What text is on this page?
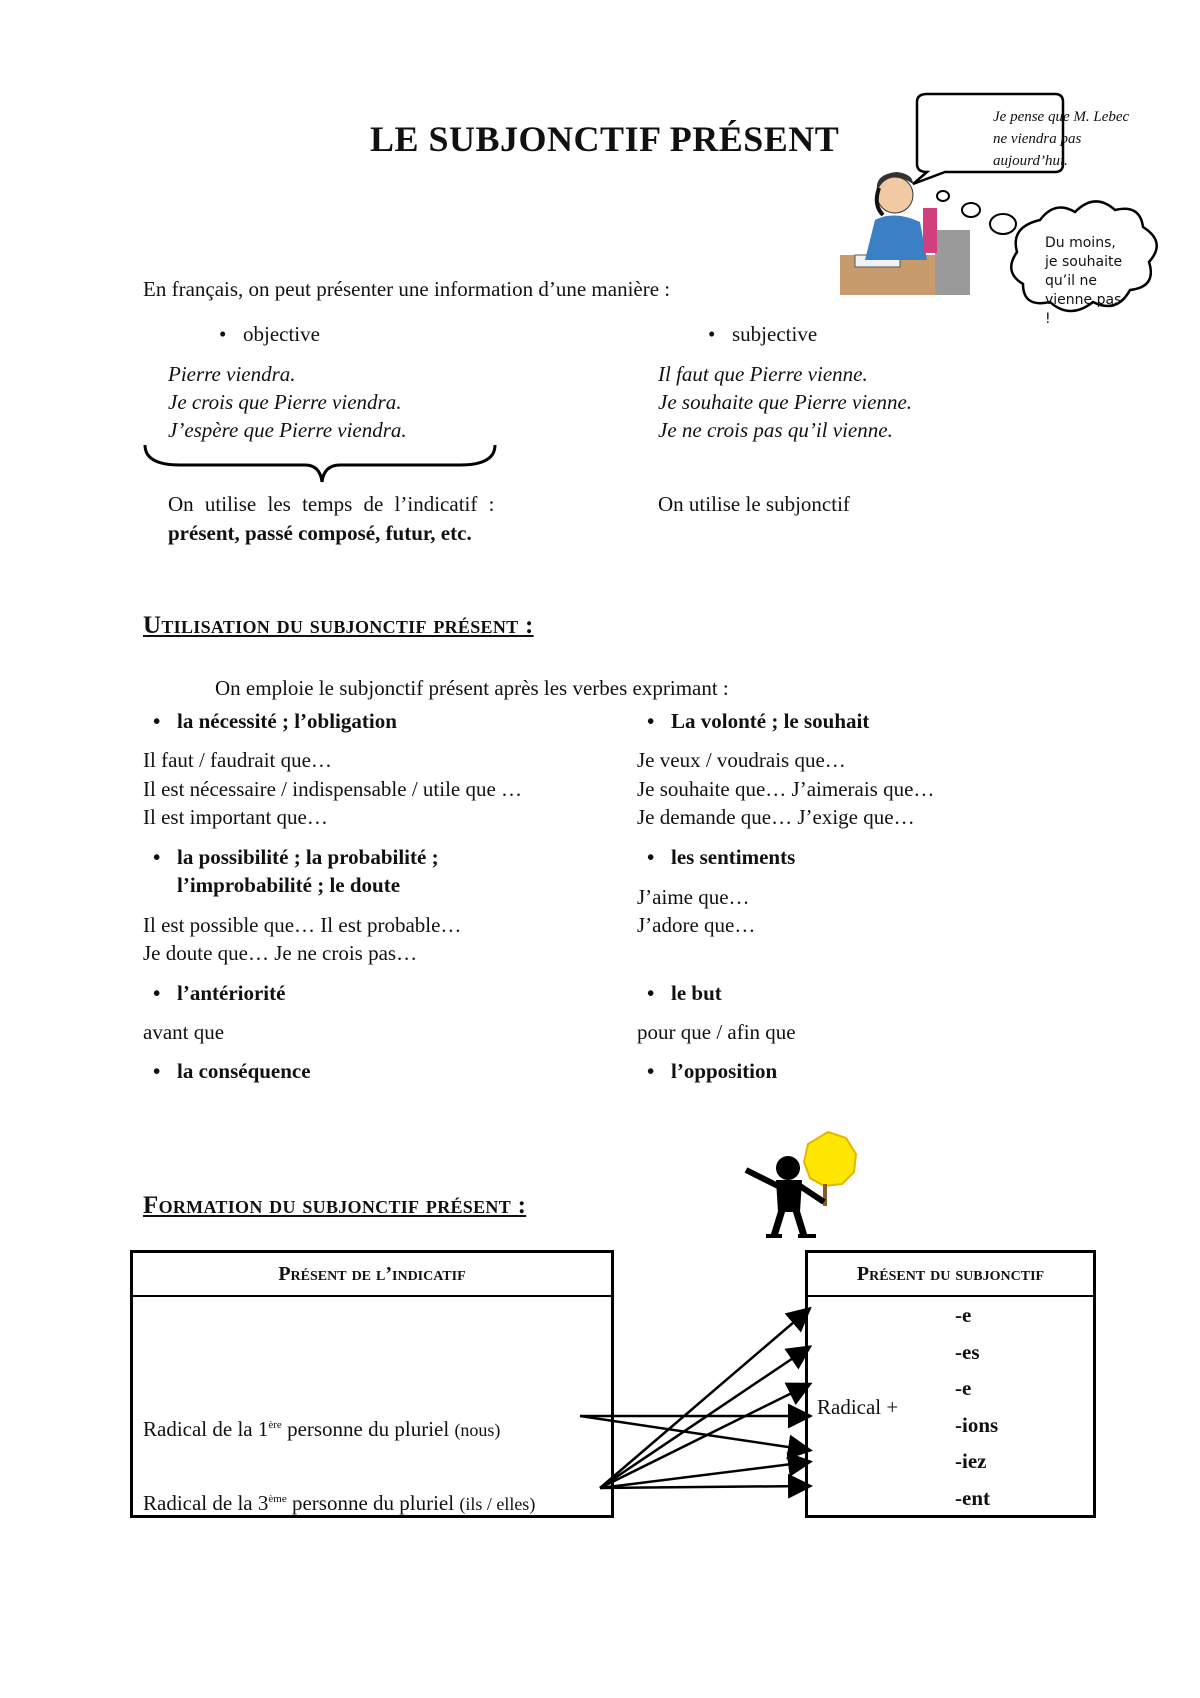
LE SUBJONCTIF PRÉSENT
Je pense que M. Lebec ne viendra pas aujourd’hui.
Du moins, je souhaite qu’il ne vienne pas !
En français, on peut présenter une information d’une manière :
• objective
Pierre viendra.
Je crois que Pierre viendra.
J’espère que Pierre viendra.
On utilise les temps de l’indicatif :
présent, passé composé, futur, etc.
• subjective
Il faut que Pierre vienne.
Je souhaite que Pierre vienne.
Je ne crois pas qu’il vienne.
On utilise le subjonctif
Utilisation du subjonctif présent :
On emploie le subjonctif présent après les verbes exprimant :
• la nécessité ; l’obligation
Il faut / faudrait que…
Il est nécessaire / indispensable / utile que …
Il est important que…
• la possibilité ; la probabilité ;
l’improbabilité ; le doute
Il est possible que… Il est probable…
Je doute que… Je ne crois pas…
• l’antériorité
avant que
• la conséquence
• La volonté ; le souhait
Je veux / voudrais que…
Je souhaite que… J’aimerais que…
Je demande que… J’exige que…
• les sentiments
J’aime que…
J’adore que…
• le but
pour que / afin que
• l’opposition
Formation du subjonctif présent :
Présent de l’indicatif
Radical de la 1ère personne du pluriel (nous)
Radical de la 3ème personne du pluriel (ils / elles)
Présent du subjonctif
Radical +
-e
-es
-e
-ions
-iez
-ent
